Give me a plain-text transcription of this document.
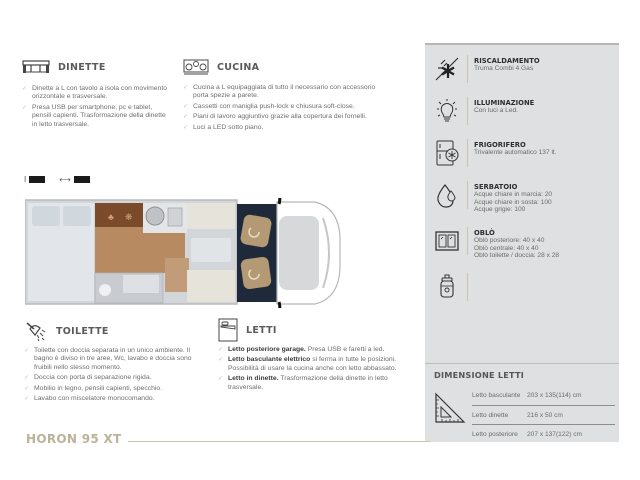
DINETTE
✓ Dinette a L con tavolo a isola con movimento orizzontale e trasversale.
✓ Presa USB per smartphone, pc e tablet, pensili capienti. Trasformazione della dinette in letto trasversale.
CUCINA
✓ Cucina a L equipaggiata di tutto il necessario con accessorio porta spezie a parete.
✓ Cassetti con maniglia push-lock e chiusura soft-close.
✓ Piani di lavoro aggiuntivo grazie alla copertura dei fornelli.
✓ Luci a LED sotto piano.
I	⟷
♣ ❋
TOILETTE
✓ Toilette con doccia separata in un unico ambiente. Il bagno è diviso in tre aree, Wc, lavabo e doccia sono fruibili nello stesso momento.
✓ Doccia con porta di separazione rigida.
✓ Mobilio in legno, pensili capienti, specchio.
✓ Lavabo con miscelatore monocomando.
LETTI
✓ Letto posteriore garage. Presa USB e faretti a led.
✓ Letto basculante elettrico si ferma in tutte le posizioni. Possibilità di usare la cucina anche con letto abbassato.
✓ Letto in dinette. Trasformazione della dinette in letto trasversale.
RISCALDAMENTO
Truma Combi 4 Gas
ILLUMINAZIONE
Con luci a Led.
FRIGORIFERO
Trivalente automatico 137 lt.
SERBATOIO
Acque chiare in marcia: 20
Acque chiare in sosta: 100
Acque grigie: 100
OBLÒ
Oblò posteriore: 40 x 40
Oblò centrale: 40 x 40
Oblò toilette / doccia: 28 x 28
DIMENSIONE LETTI
Letto basculante 203 x 135(114) cm
Letto dinette	216 x 50 cm
Letto posteriore	207 x 137(122) cm
HORON 95 XT
